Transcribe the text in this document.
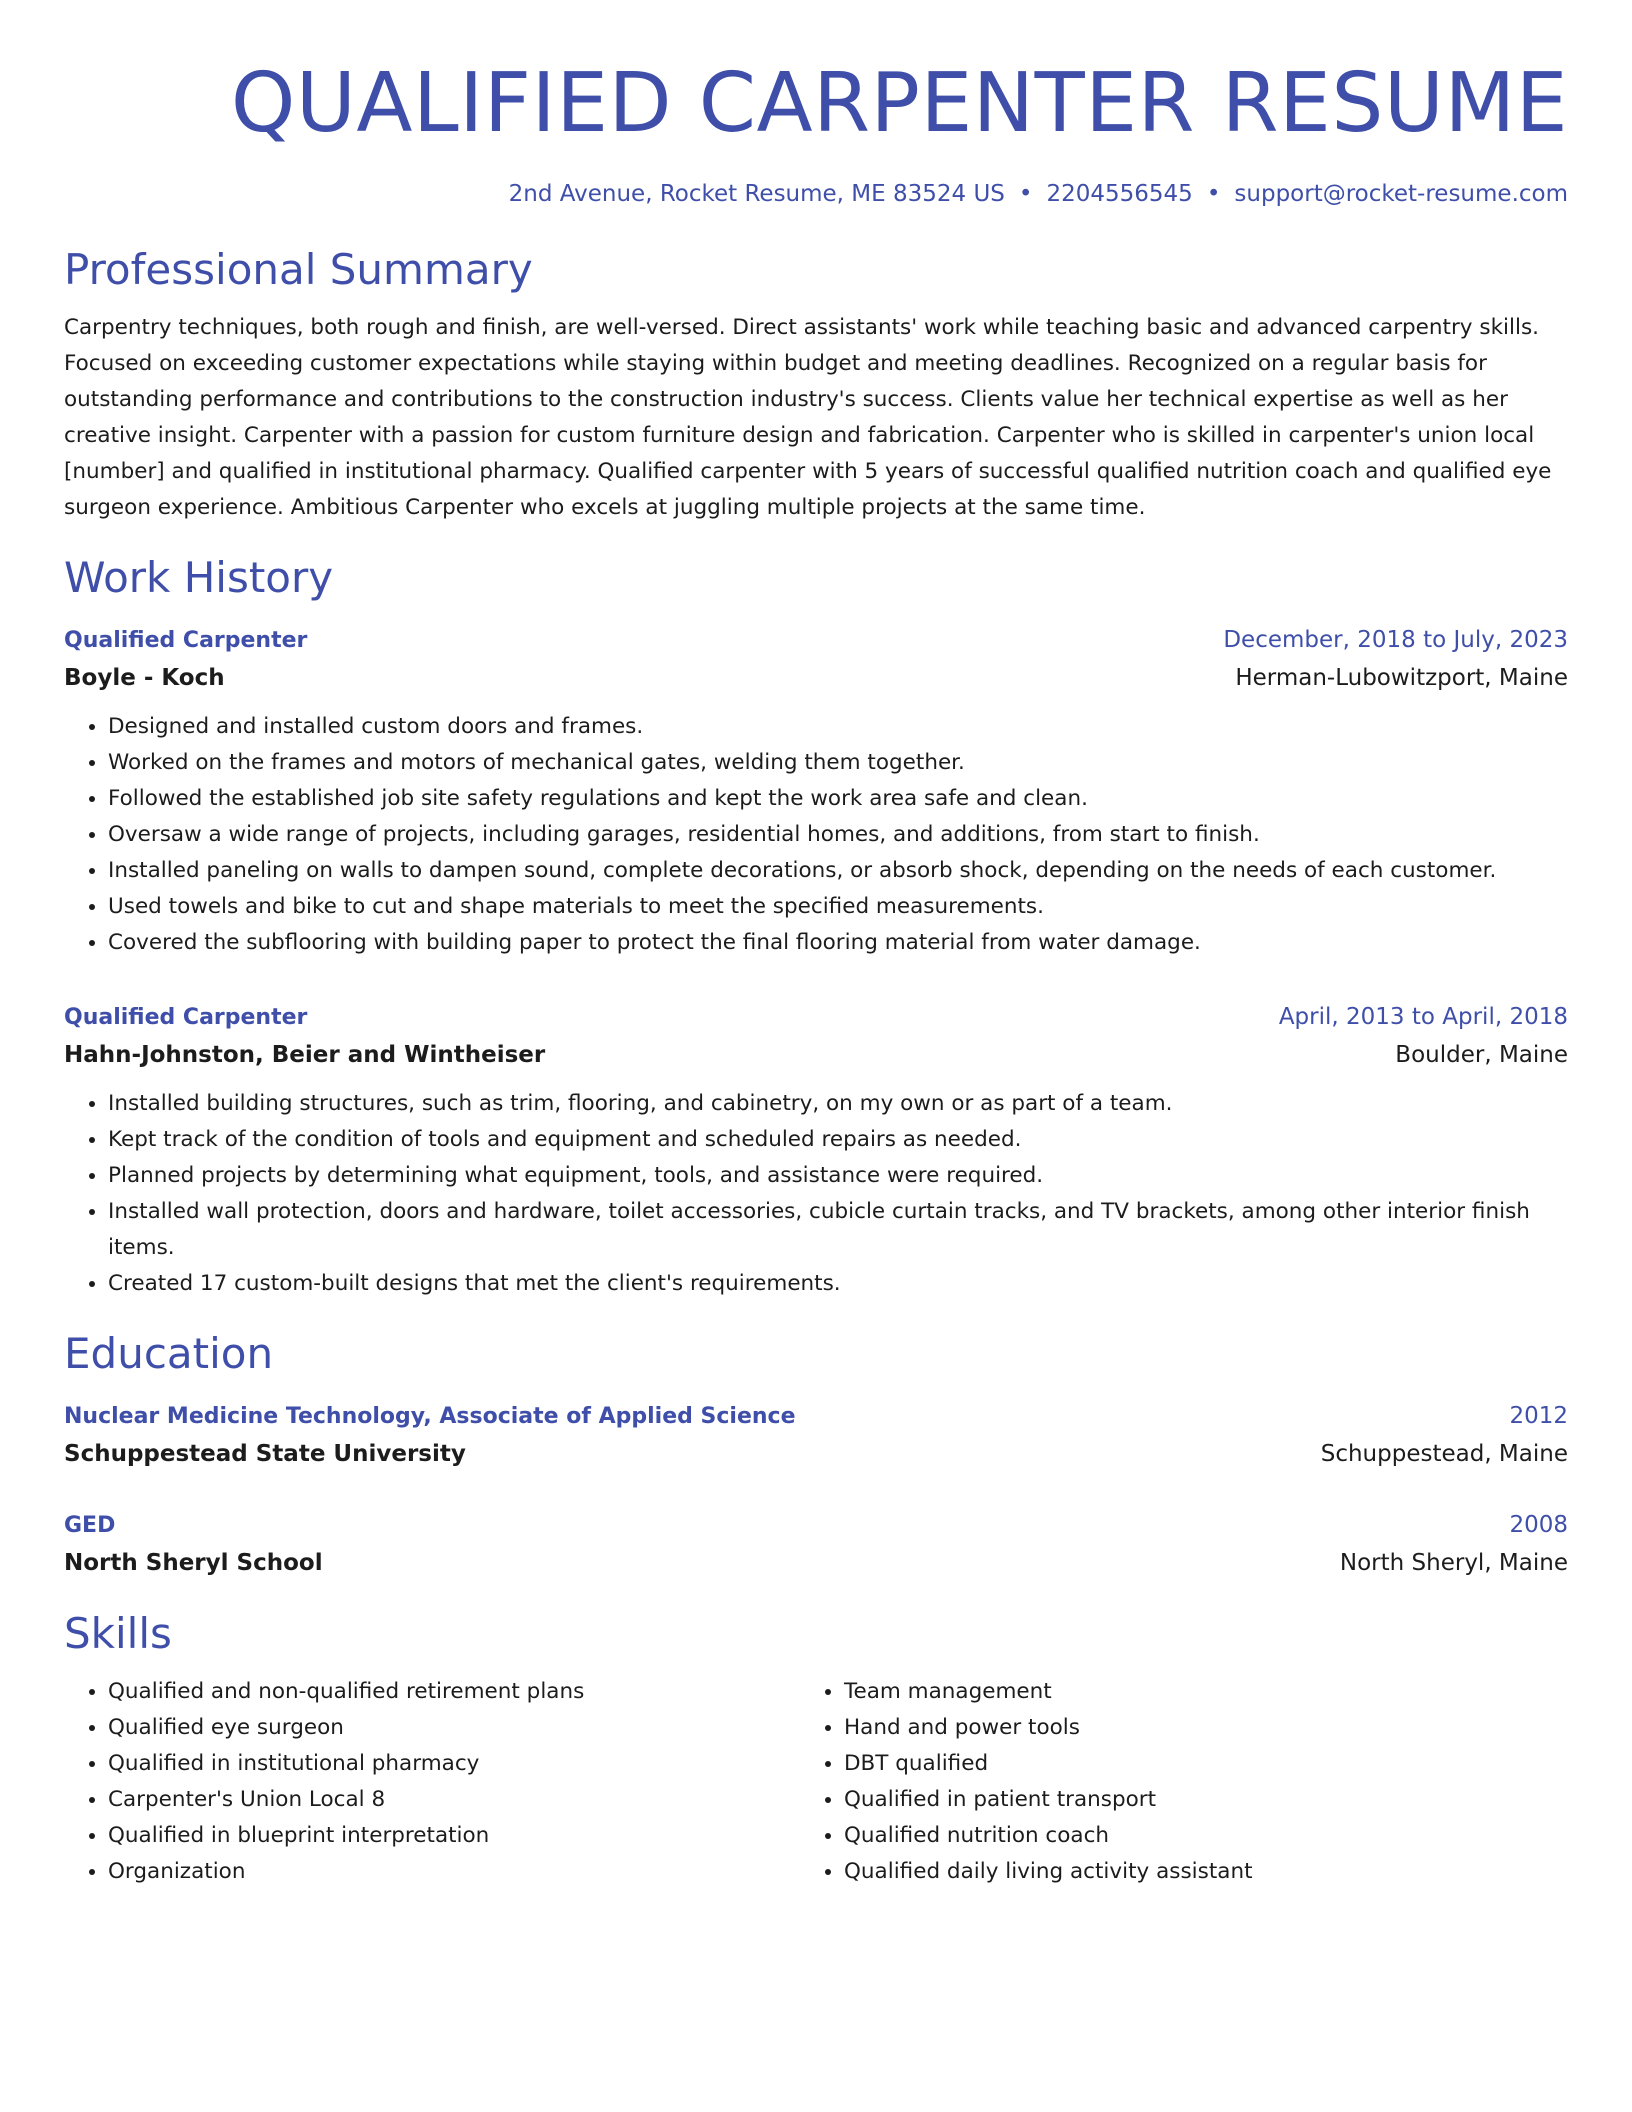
QUALIFIED CARPENTER RESUME
2nd Avenue, Rocket Resume, ME 83524 US • 2204556545 • support@rocket-resume.com
Professional Summary

Carpentry techniques, both rough and finish, are well-versed. Direct assistants' work while teaching basic and advanced carpentry skills. Focused on exceeding customer expectations while staying within budget and meeting deadlines. Recognized on a regular basis for outstanding performance and contributions to the construction industry's success. Clients value her technical expertise as well as her creative insight. Carpenter with a passion for custom furniture design and fabrication. Carpenter who is skilled in carpenter's union local [number] and qualified in institutional pharmacy. Qualified carpenter with 5 years of successful qualified nutrition coach and qualified eye surgeon experience. Ambitious Carpenter who excels at juggling multiple projects at the same time.

Work History
Qualified Carpenter	December, 2018 to July, 2023
Boyle - Koch	Herman-Lubowitzport, Maine
• Designed and installed custom doors and frames.
• Worked on the frames and motors of mechanical gates, welding them together.
• Followed the established job site safety regulations and kept the work area safe and clean.
• Oversaw a wide range of projects, including garages, residential homes, and additions, from start to finish.
• Installed paneling on walls to dampen sound, complete decorations, or absorb shock, depending on the needs of each customer.
• Used towels and bike to cut and shape materials to meet the specified measurements.
• Covered the subflooring with building paper to protect the final flooring material from water damage.
Qualified Carpenter	April, 2013 to April, 2018
Hahn-Johnston, Beier and Wintheiser	Boulder, Maine
• Installed building structures, such as trim, flooring, and cabinetry, on my own or as part of a team.
• Kept track of the condition of tools and equipment and scheduled repairs as needed.
• Planned projects by determining what equipment, tools, and assistance were required.
• Installed wall protection, doors and hardware, toilet accessories, cubicle curtain tracks, and TV brackets, among other interior finish items.
• Created 17 custom-built designs that met the client's requirements.
Education
Nuclear Medicine Technology, Associate of Applied Science	2012
Schuppestead State University	Schuppestead, Maine
GED	2008
North Sheryl School	North Sheryl, Maine
Skills
• Qualified and non-qualified retirement plans
• Qualified eye surgeon
• Qualified in institutional pharmacy
• Carpenter's Union Local 8
• Qualified in blueprint interpretation
• Organization
• Team management
• Hand and power tools
• DBT qualified
• Qualified in patient transport
• Qualified nutrition coach
• Qualified daily living activity assistant
